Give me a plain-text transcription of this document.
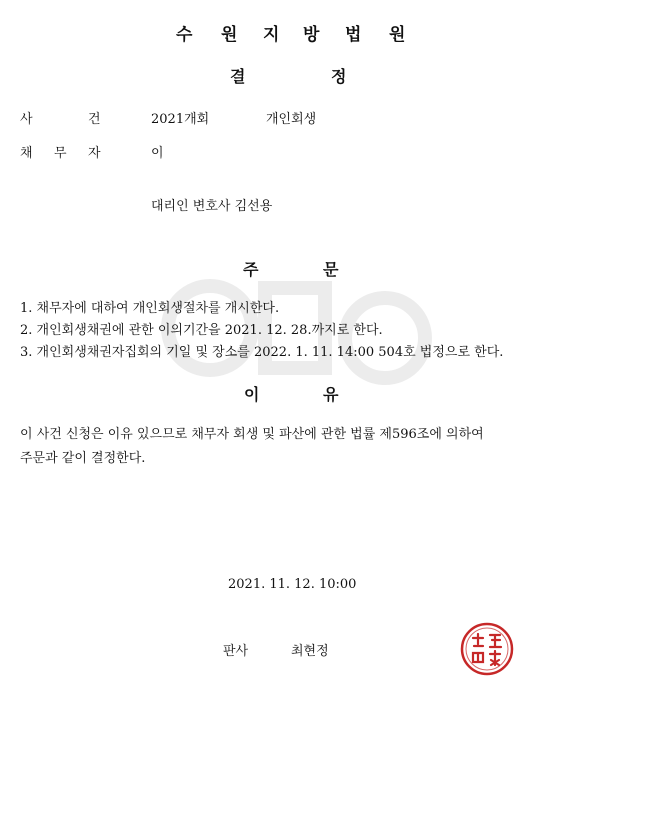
수 원 지 방 법 원
결	정
사	건	2021개회	개인회생
채 무 자	이
대리인 변호사 김선용
주	문
1. 채무자에 대하여 개인회생절차를 개시한다.
2. 개인회생채권에 관한 이의기간을 2021. 12. 28.까지로 한다.
3. 개인회생채권자집회의 기일 및 장소를 2022. 1. 11. 14:00 504호 법정으로 한다.
이	유
이 사건 신청은 이유 있으므로 채무자 회생 및 파산에 관한 법률 제596조에 의하여
주문과 같이 결정한다.
2021. 11. 12. 10:00
판사	최현정
